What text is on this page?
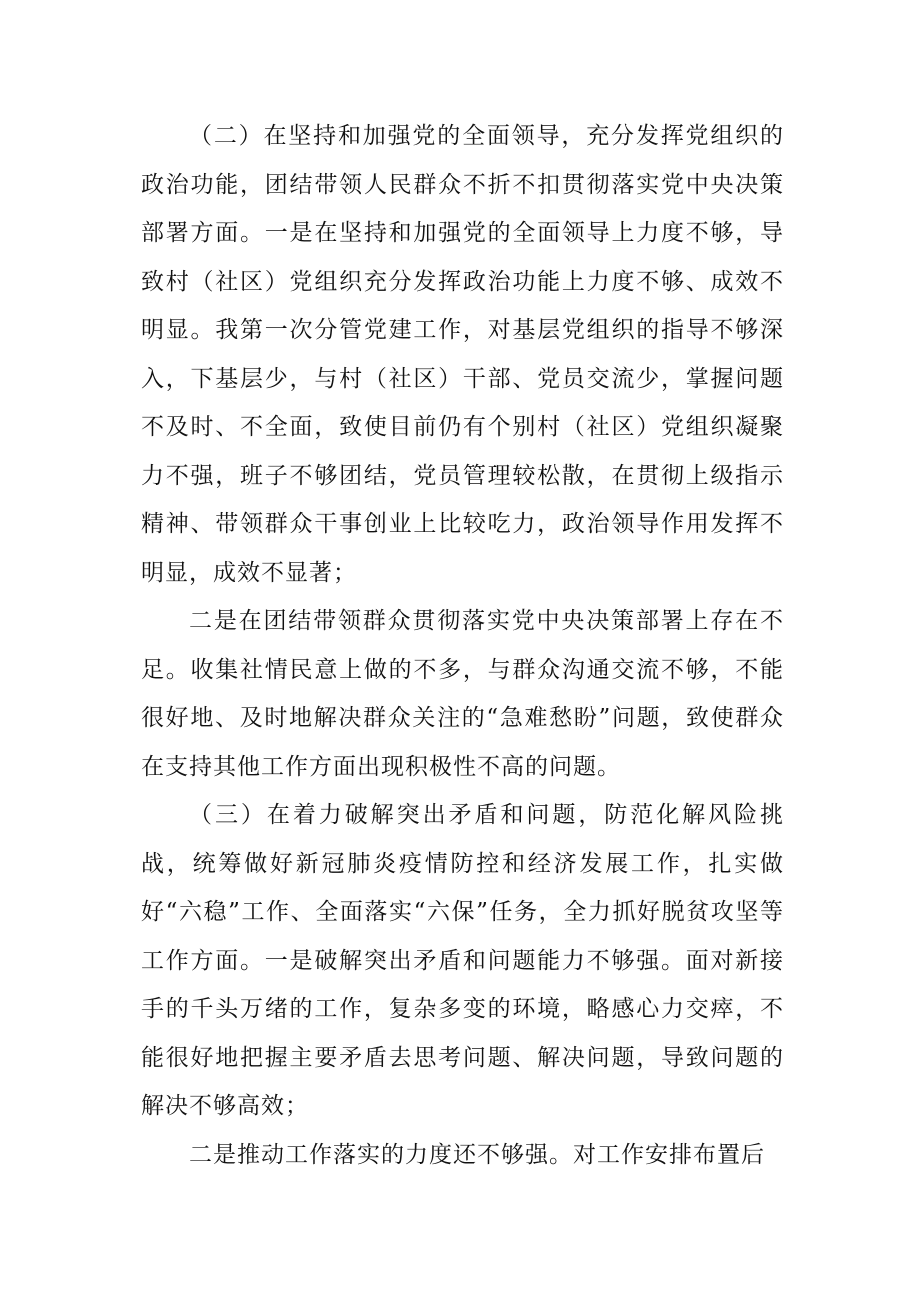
（二）在坚持和加强党的全面领导，充分发挥党组织的政治功能，团结带领人民群众不折不扣贯彻落实党中央决策部署方面。一是在坚持和加强党的全面领导上力度不够，导致村（社区）党组织充分发挥政治功能上力度不够、成效不明显。我第一次分管党建工作，对基层党组织的指导不够深入，下基层少，与村（社区）干部、党员交流少，掌握问题不及时、不全面，致使目前仍有个别村（社区）党组织凝聚力不强，班子不够团结，党员管理较松散，在贯彻上级指示精神、带领群众干事创业上比较吃力，政治领导作用发挥不明显，成效不显著；

二是在团结带领群众贯彻落实党中央决策部署上存在不足。收集社情民意上做的不多，与群众沟通交流不够，不能很好地、及时地解决群众关注的“急难愁盼”问题，致使群众在支持其他工作方面出现积极性不高的问题。

（三）在着力破解突出矛盾和问题，防范化解风险挑战，统筹做好新冠肺炎疫情防控和经济发展工作，扎实做好“六稳”工作、全面落实“六保”任务，全力抓好脱贫攻坚等工作方面。一是破解突出矛盾和问题能力不够强。面对新接手的千头万绪的工作，复杂多变的环境，略感心力交瘁，不能很好地把握主要矛盾去思考问题、解决问题，导致问题的解决不够高效；

二是推动工作落实的力度还不够强。对工作安排布置后
